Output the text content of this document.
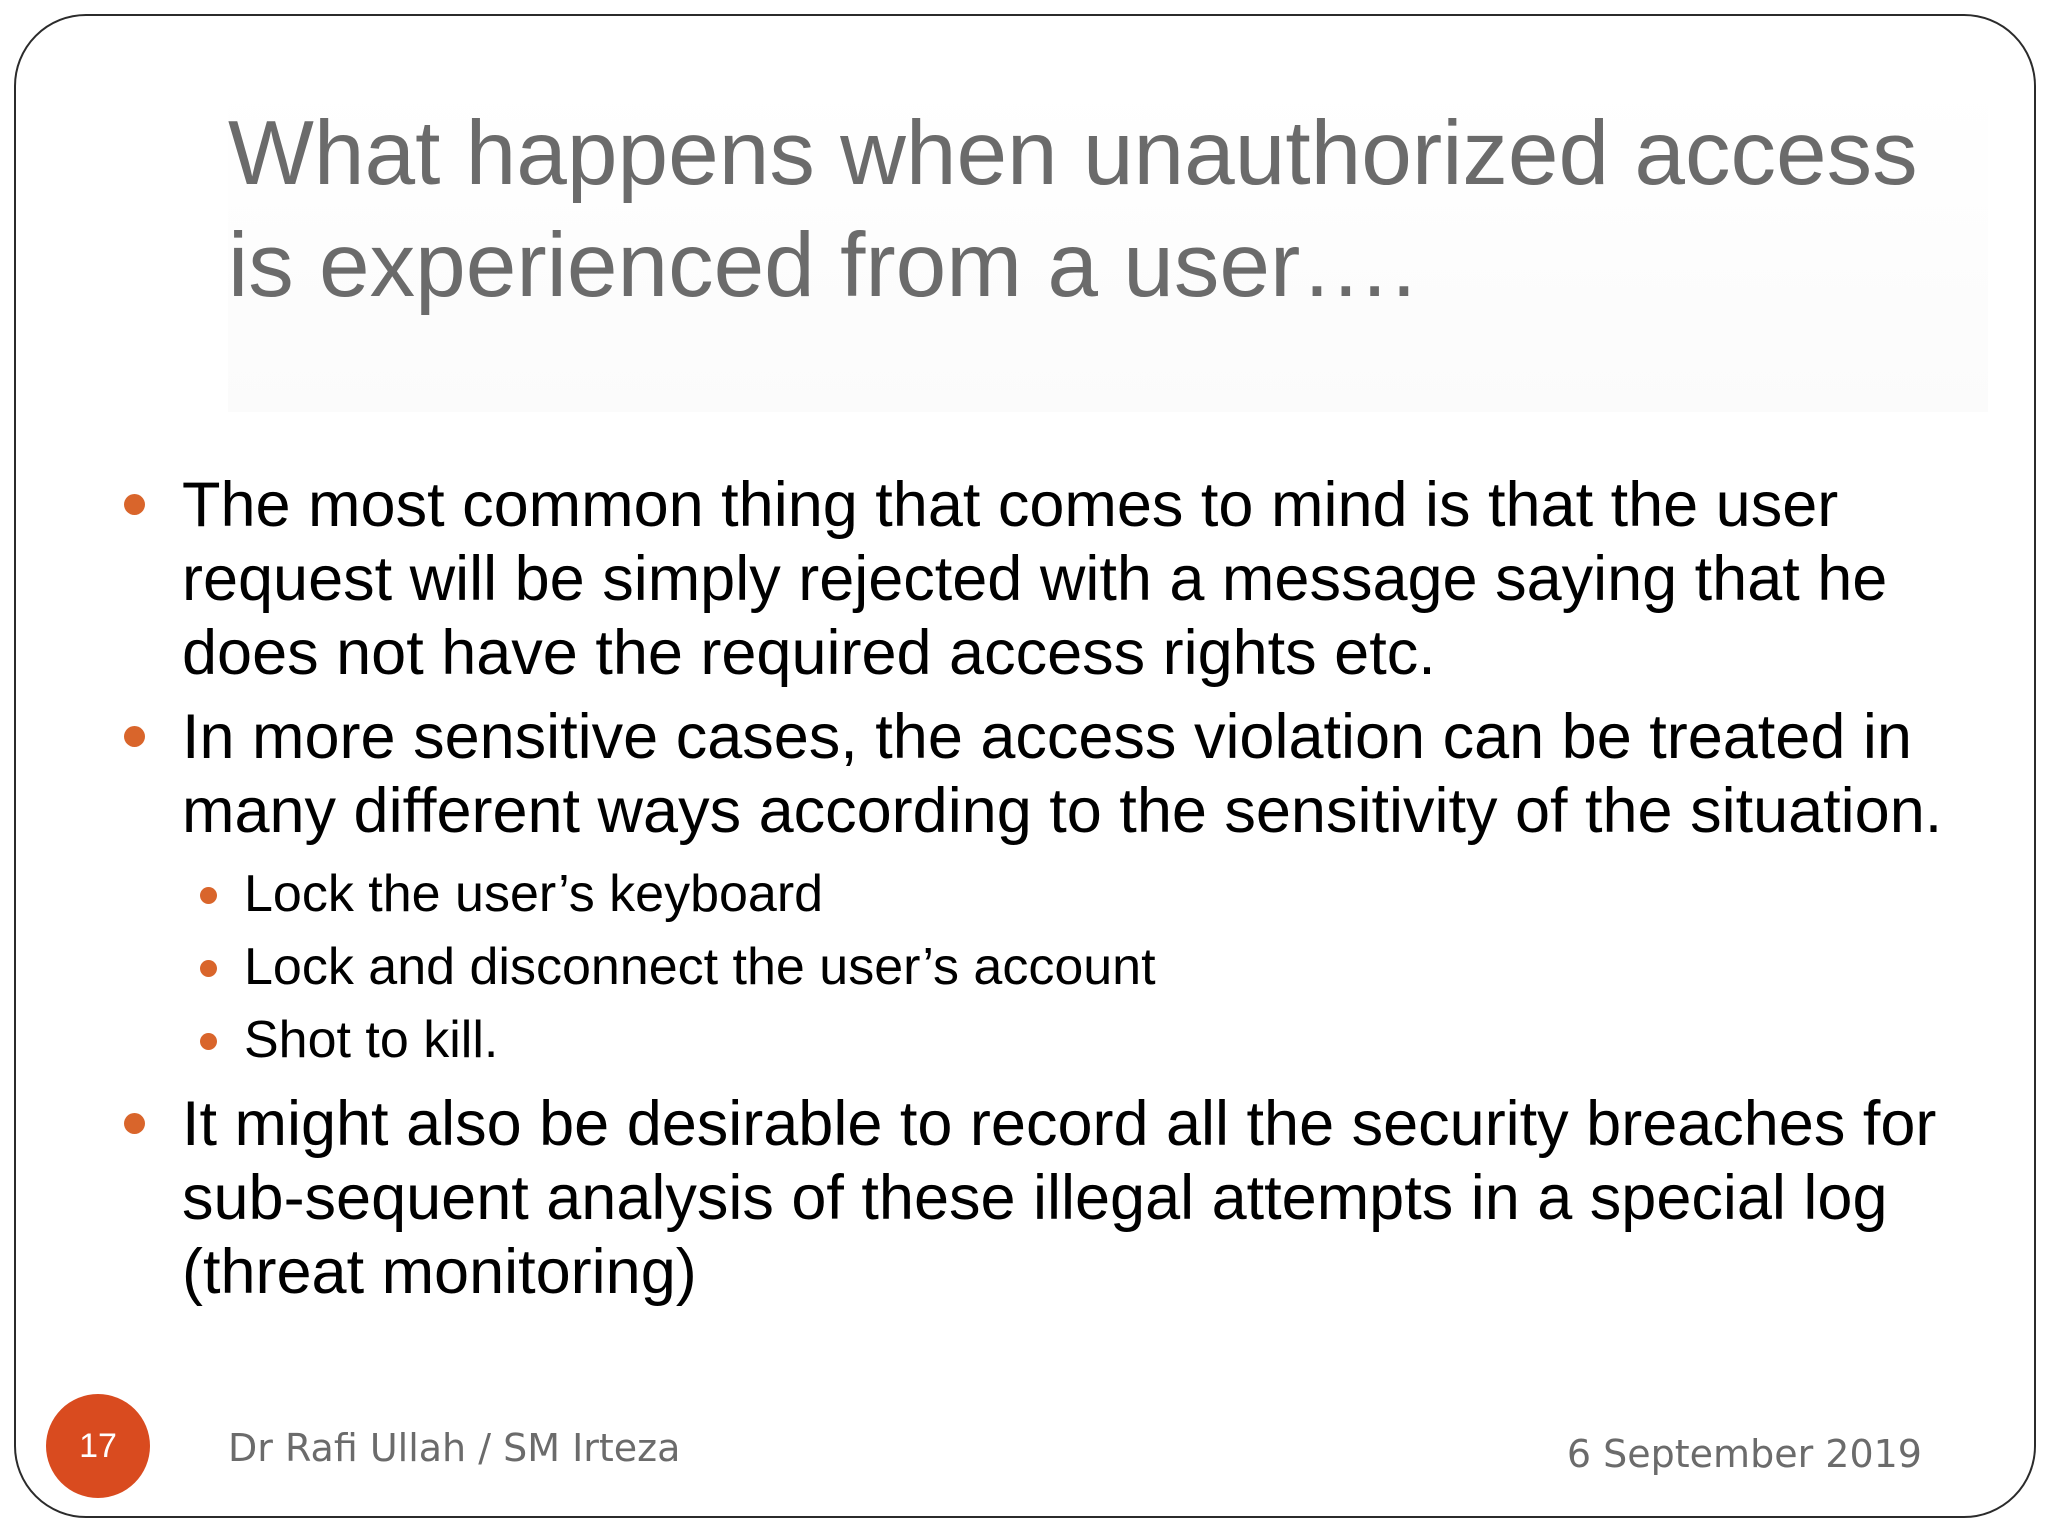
What happens when unauthorized access is experienced from a user….
The most common thing that comes to mind is that the user request will be simply rejected with a message saying that he does not have the required access rights etc.
In more sensitive cases, the access violation can be treated in many different ways according to the sensitivity of the situation.
Lock the user’s keyboard
Lock and disconnect the user’s account
Shot to kill.
It might also be desirable to record all the security breaches for sub-sequent analysis of these illegal attempts in a special log (threat monitoring)
17	Dr Rafi Ullah / SM Irteza	6 September 2019
